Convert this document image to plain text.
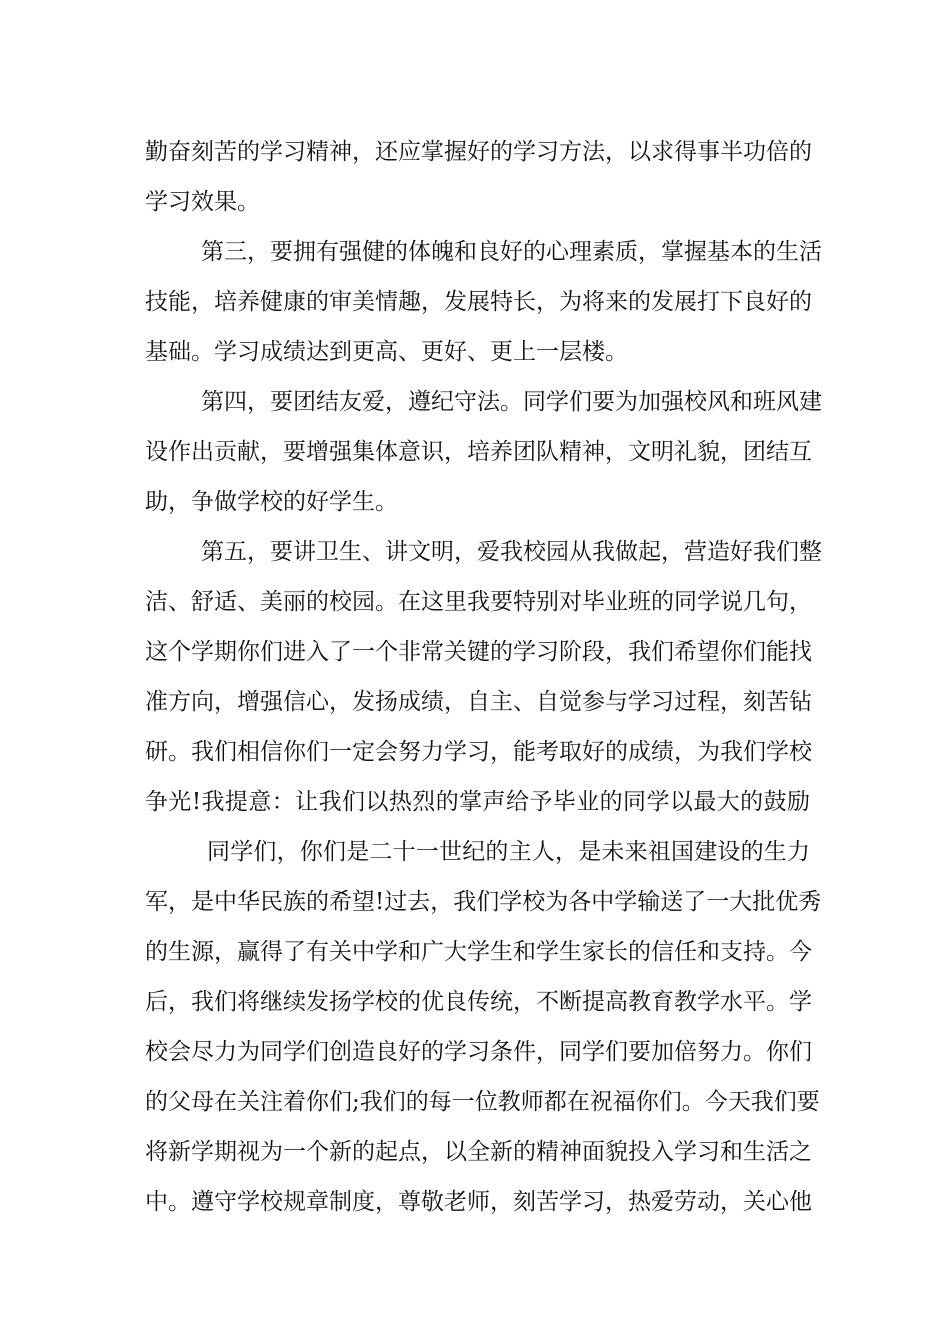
勤奋刻苦的学习精神，还应掌握好的学习方法，以求得事半功倍的
学习效果。
第三，要拥有强健的体魄和良好的心理素质，掌握基本的生活
技能，培养健康的审美情趣，发展特长，为将来的发展打下良好的
基础。学习成绩达到更高、更好、更上一层楼。
第四，要团结友爱，遵纪守法。同学们要为加强校风和班风建
设作出贡献，要增强集体意识，培养团队精神，文明礼貌，团结互
助，争做学校的好学生。
第五，要讲卫生、讲文明，爱我校园从我做起，营造好我们整
洁、舒适、美丽的校园。在这里我要特别对毕业班的同学说几句，
这个学期你们进入了一个非常关键的学习阶段，我们希望你们能找
准方向，增强信心，发扬成绩，自主、自觉参与学习过程，刻苦钻
研。我们相信你们一定会努力学习，能考取好的成绩，为我们学校
争光!我提意：让我们以热烈的掌声给予毕业的同学以最大的鼓励
同学们，你们是二十一世纪的主人，是未来祖国建设的生力
军，是中华民族的希望!过去，我们学校为各中学输送了一大批优秀
的生源，赢得了有关中学和广大学生和学生家长的信任和支持。今
后，我们将继续发扬学校的优良传统，不断提高教育教学水平。学
校会尽力为同学们创造良好的学习条件，同学们要加倍努力。你们
的父母在关注着你们;我们的每一位教师都在祝福你们。今天我们要
将新学期视为一个新的起点，以全新的精神面貌投入学习和生活之
中。遵守学校规章制度，尊敬老师，刻苦学习，热爱劳动，关心他
